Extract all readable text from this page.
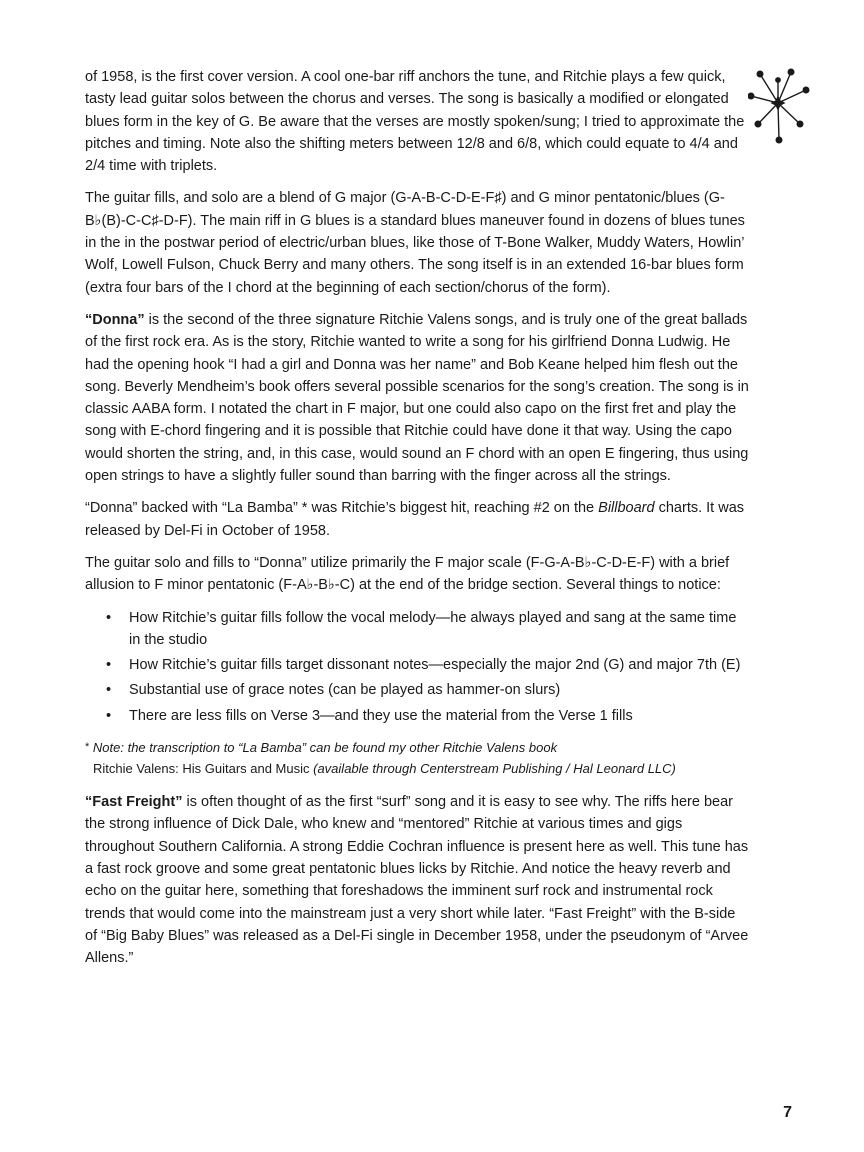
of 1958, is the first cover version. A cool one-bar riff anchors the tune, and Ritchie plays a few quick, tasty lead guitar solos between the chorus and verses. The song is basically a modified or elongated blues form in the key of G. Be aware that the verses are mostly spoken/sung; I tried to approximate the pitches and timing. Note also the shifting meters between 12/8 and 6/8, which could equate to 4/4 and 2/4 time with triplets.

The guitar fills, and solo are a blend of G major (G-A-B-C-D-E-F♯) and G minor pentatonic/blues (G-B♭(B)-C-C♯-D-F). The main riff in G blues is a standard blues maneuver found in dozens of blues tunes in the in the postwar period of electric/urban blues, like those of T-Bone Walker, Muddy Waters, Howlin’ Wolf, Lowell Fulson, Chuck Berry and many others. The song itself is in an extended 16-bar blues form (extra four bars of the I chord at the beginning of each section/chorus of the form).

“Donna” is the second of the three signature Ritchie Valens songs, and is truly one of the great ballads of the first rock era. As is the story, Ritchie wanted to write a song for his girlfriend Donna Ludwig. He had the opening hook “I had a girl and Donna was her name” and Bob Keane helped him flesh out the song. Beverly Mendheim’s book offers several possible scenarios for the song’s creation. The song is in classic AABA form. I notated the chart in F major, but one could also capo on the first fret and play the song with E-chord fingering and it is possible that Ritchie could have done it that way. Using the capo would shorten the string, and, in this case, would sound an F chord with an open E fingering, thus using open strings to have a slightly fuller sound than barring with the finger across all the strings.

“Donna” backed with “La Bamba” * was Ritchie’s biggest hit, reaching #2 on the Billboard charts. It was released by Del-Fi in October of 1958.

The guitar solo and fills to “Donna” utilize primarily the F major scale (F-G-A-B♭-C-D-E-F) with a brief allusion to F minor pentatonic (F-A♭-B♭-C) at the end of the bridge section. Several things to notice:

• How Ritchie’s guitar fills follow the vocal melody—he always played and sang at the same time in the studio
• How Ritchie’s guitar fills target dissonant notes—especially the major 2nd (G) and major 7th (E)
• Substantial use of grace notes (can be played as hammer-on slurs)
• There are less fills on Verse 3—and they use the material from the Verse 1 fills
* Note: the transcription to “La Bamba” can be found my other Ritchie Valens book
Ritchie Valens: His Guitars and Music (available through Centerstream Publishing / Hal Leonard LLC)

“Fast Freight” is often thought of as the first “surf” song and it is easy to see why. The riffs here bear the strong influence of Dick Dale, who knew and “mentored” Ritchie at various times and gigs throughout Southern California. A strong Eddie Cochran influence is present here as well. This tune has a fast rock groove and some great pentatonic blues licks by Ritchie. And notice the heavy reverb and echo on the guitar here, something that foreshadows the imminent surf rock and instrumental rock trends that would come into the mainstream just a very short while later. “Fast Freight” with the B-side of “Big Baby Blues” was released as a Del-Fi single in December 1958, under the pseudonym of “Arvee Allens.”

7
